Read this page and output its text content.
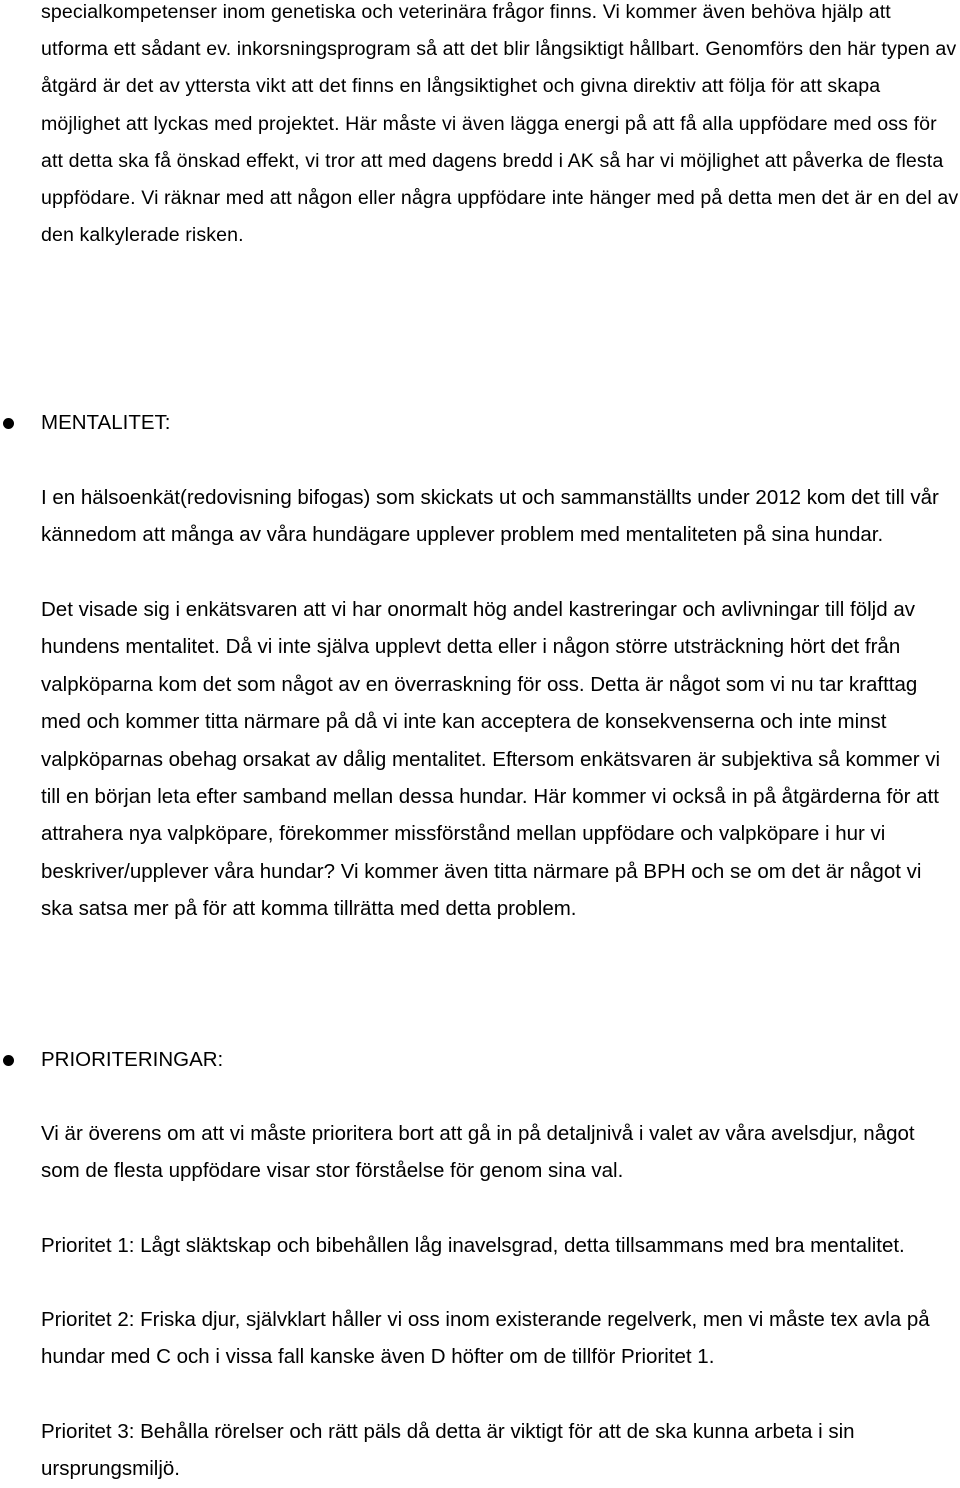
specialkompetenser inom genetiska och veterinära frågor finns. Vi kommer även behöva hjälp att utforma ett sådant ev. inkorsningsprogram så att det blir långsiktigt hållbart. Genomförs den här typen av åtgärd är det av yttersta vikt att det finns en långsiktighet och givna direktiv att följa för att skapa möjlighet att lyckas med projektet. Här måste vi även lägga energi på att få alla uppfödare med oss för att detta ska få önskad effekt, vi tror att med dagens bredd i AK så har vi möjlighet att påverka de flesta uppfödare. Vi räknar med att någon eller några uppfödare inte hänger med på detta men det är en del av den kalkylerade risken.

MENTALITET:

I en hälsoenkät(redovisning bifogas) som skickats ut och sammanställts under 2012 kom det till vår kännedom att många av våra hundägare upplever problem med mentaliteten på sina hundar.

Det visade sig i enkätsvaren att vi har onormalt hög andel kastreringar och avlivningar till följd av hundens mentalitet. Då vi inte själva upplevt detta eller i någon större utsträckning hört det från valpköparna kom det som något av en överraskning för oss. Detta är något som vi nu tar krafttag med och kommer titta närmare på då vi inte kan acceptera de konsekvenserna och inte minst valpköparnas obehag orsakat av dålig mentalitet. Eftersom enkätsvaren är subjektiva så kommer vi till en början leta efter samband mellan dessa hundar. Här kommer vi också in på åtgärderna för att attrahera nya valpköpare, förekommer missförstånd mellan uppfödare och valpköpare i hur vi beskriver/upplever våra hundar? Vi kommer även titta närmare på BPH och se om det är något vi ska satsa mer på för att komma tillrätta med detta problem.

PRIORITERINGAR:

Vi är överens om att vi måste prioritera bort att gå in på detaljnivå i valet av våra avelsdjur, något som de flesta uppfödare visar stor förståelse för genom sina val.

Prioritet 1: Lågt släktskap och bibehållen låg inavelsgrad, detta tillsammans med bra mentalitet.

Prioritet 2: Friska djur, självklart håller vi oss inom existerande regelverk, men vi måste tex avla på hundar med C och i vissa fall kanske även D höfter om de tillför Prioritet 1.

Prioritet 3: Behålla rörelser och rätt päls då detta är viktigt för att de ska kunna arbeta i sin ursprungsmiljö.
